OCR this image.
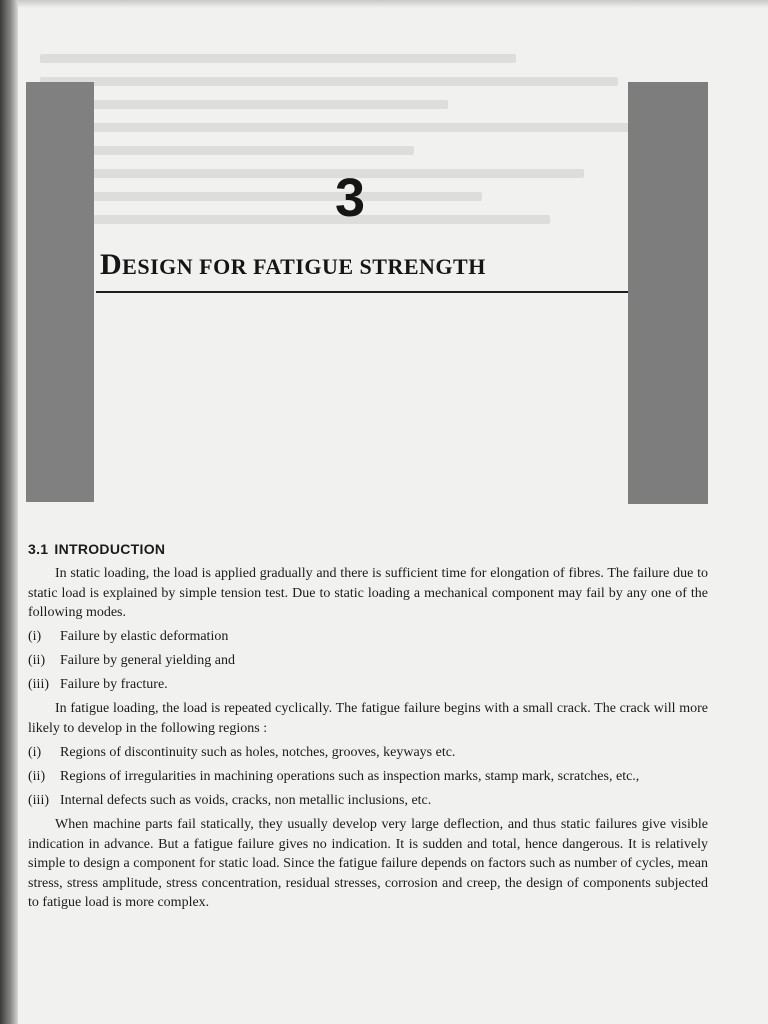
3
DESIGN FOR FATIGUE STRENGTH
3.1 INTRODUCTION

In static loading, the load is applied gradually and there is sufficient time for elongation of fibres. The failure due to static load is explained by simple tension test. Due to static loading a mechanical component may fail by any one of the following modes.

(i)	Failure by elastic deformation
(ii)	Failure by general yielding and
(iii) Failure by fracture.

In fatigue loading, the load is repeated cyclically. The fatigue failure begins with a small crack. The crack will more likely to develop in the following regions :

(i)	Regions of discontinuity such as holes, notches, grooves, keyways etc.
(ii)	Regions of irregularities in machining operations such as inspection marks, stamp mark, scratches, etc.,
(iii) Internal defects such as voids, cracks, non metallic inclusions, etc.

When machine parts fail statically, they usually develop very large deflection, and thus static failures give visible indication in advance. But a fatigue failure gives no indication. It is sudden and total, hence dangerous. It is relatively simple to design a component for static load. Since the fatigue failure depends on factors such as number of cycles, mean stress, stress amplitude, stress concentration, residual stresses, corrosion and creep, the design of components subjected to fatigue load is more complex.
